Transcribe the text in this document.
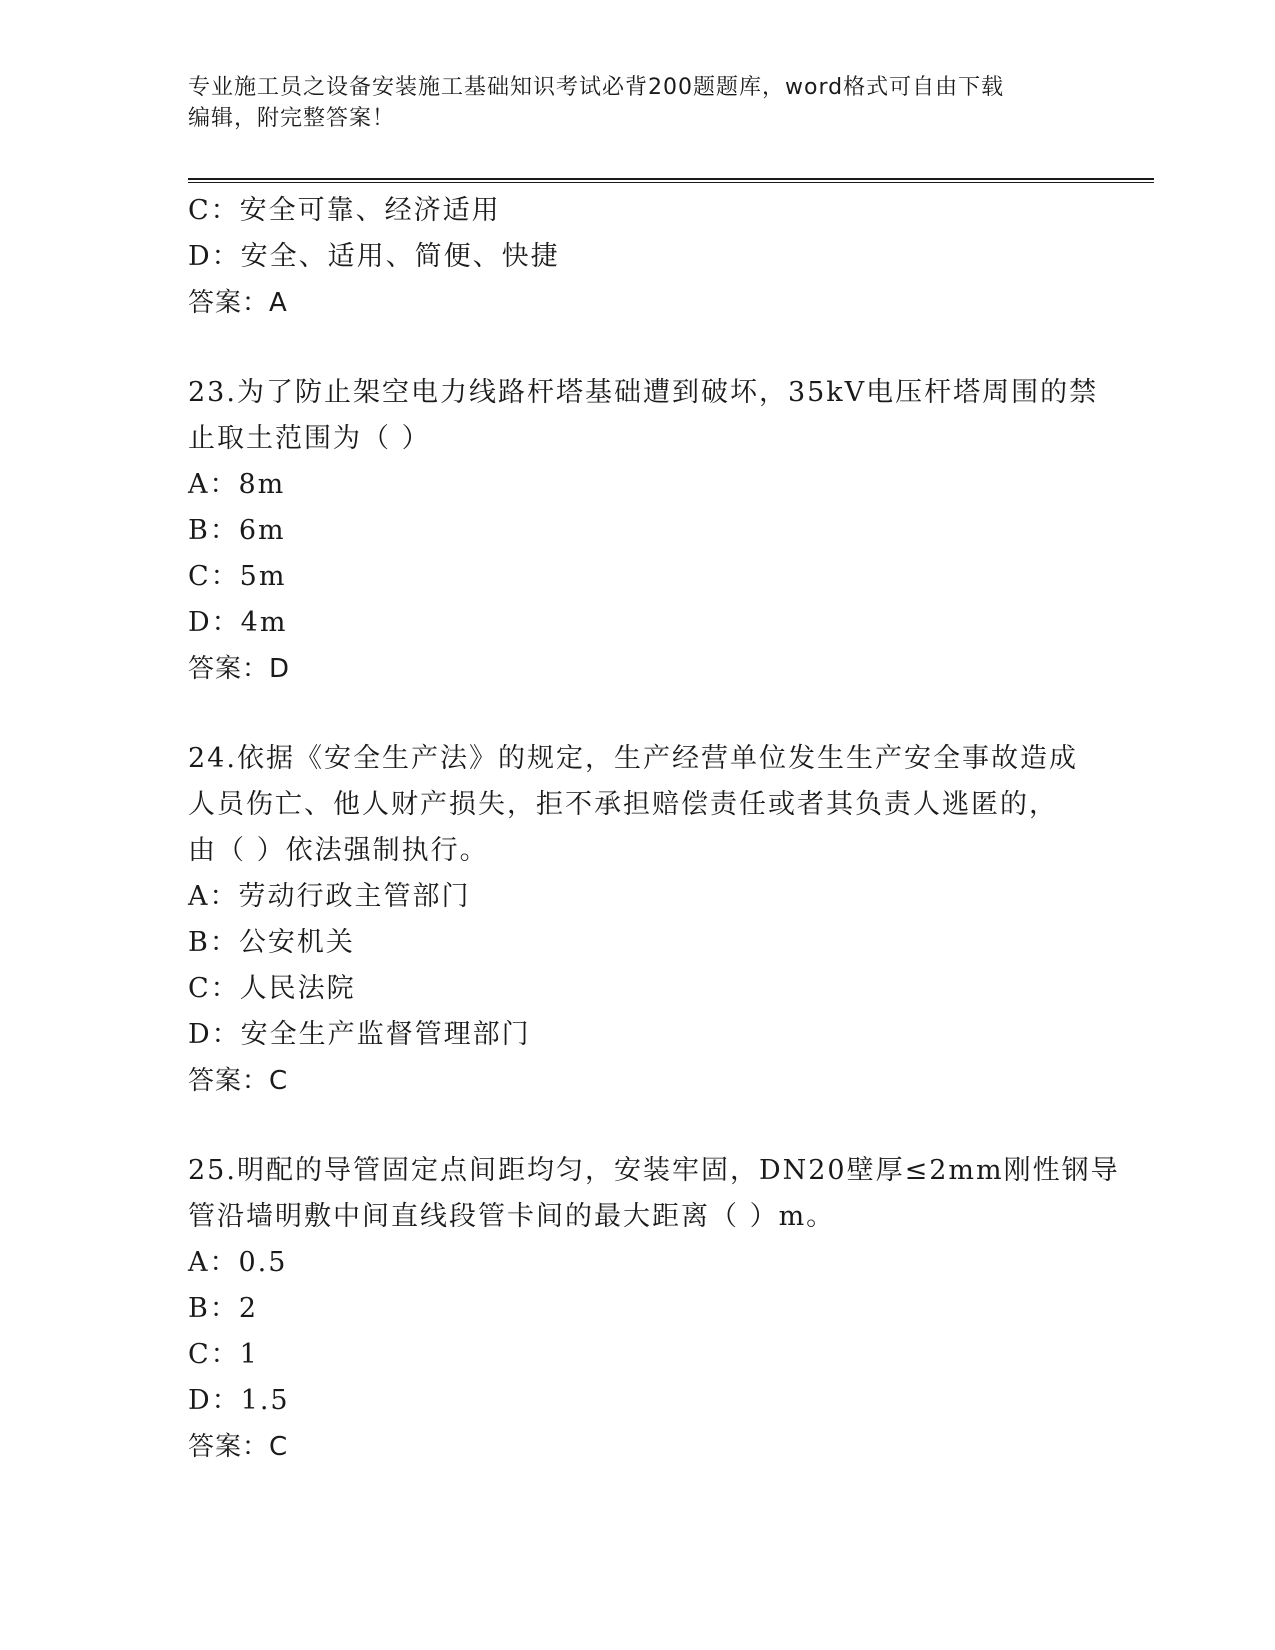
专业施工员之设备安装施工基础知识考试必背200题题库，word格式可自由下载
编辑，附完整答案！
C：安全可靠、经济适用
D：安全、适用、简便、快捷
答案：A
23.为了防止架空电力线路杆塔基础遭到破坏，35kV电压杆塔周围的禁
止取土范围为（ ）
A：8m
B：6m
C：5m
D：4m
答案：D
24.依据《安全生产法》的规定，生产经营单位发生生产安全事故造成
人员伤亡、他人财产损失，拒不承担赔偿责任或者其负责人逃匿的，
由（ ）依法强制执行。
A：劳动行政主管部门
B：公安机关
C：人民法院
D：安全生产监督管理部门
答案：C
25.明配的导管固定点间距均匀，安装牢固，DN20壁厚≤2mm刚性钢导
管沿墙明敷中间直线段管卡间的最大距离（ ）m。
A：0.5
B：2
C：1
D：1.5
答案：C
